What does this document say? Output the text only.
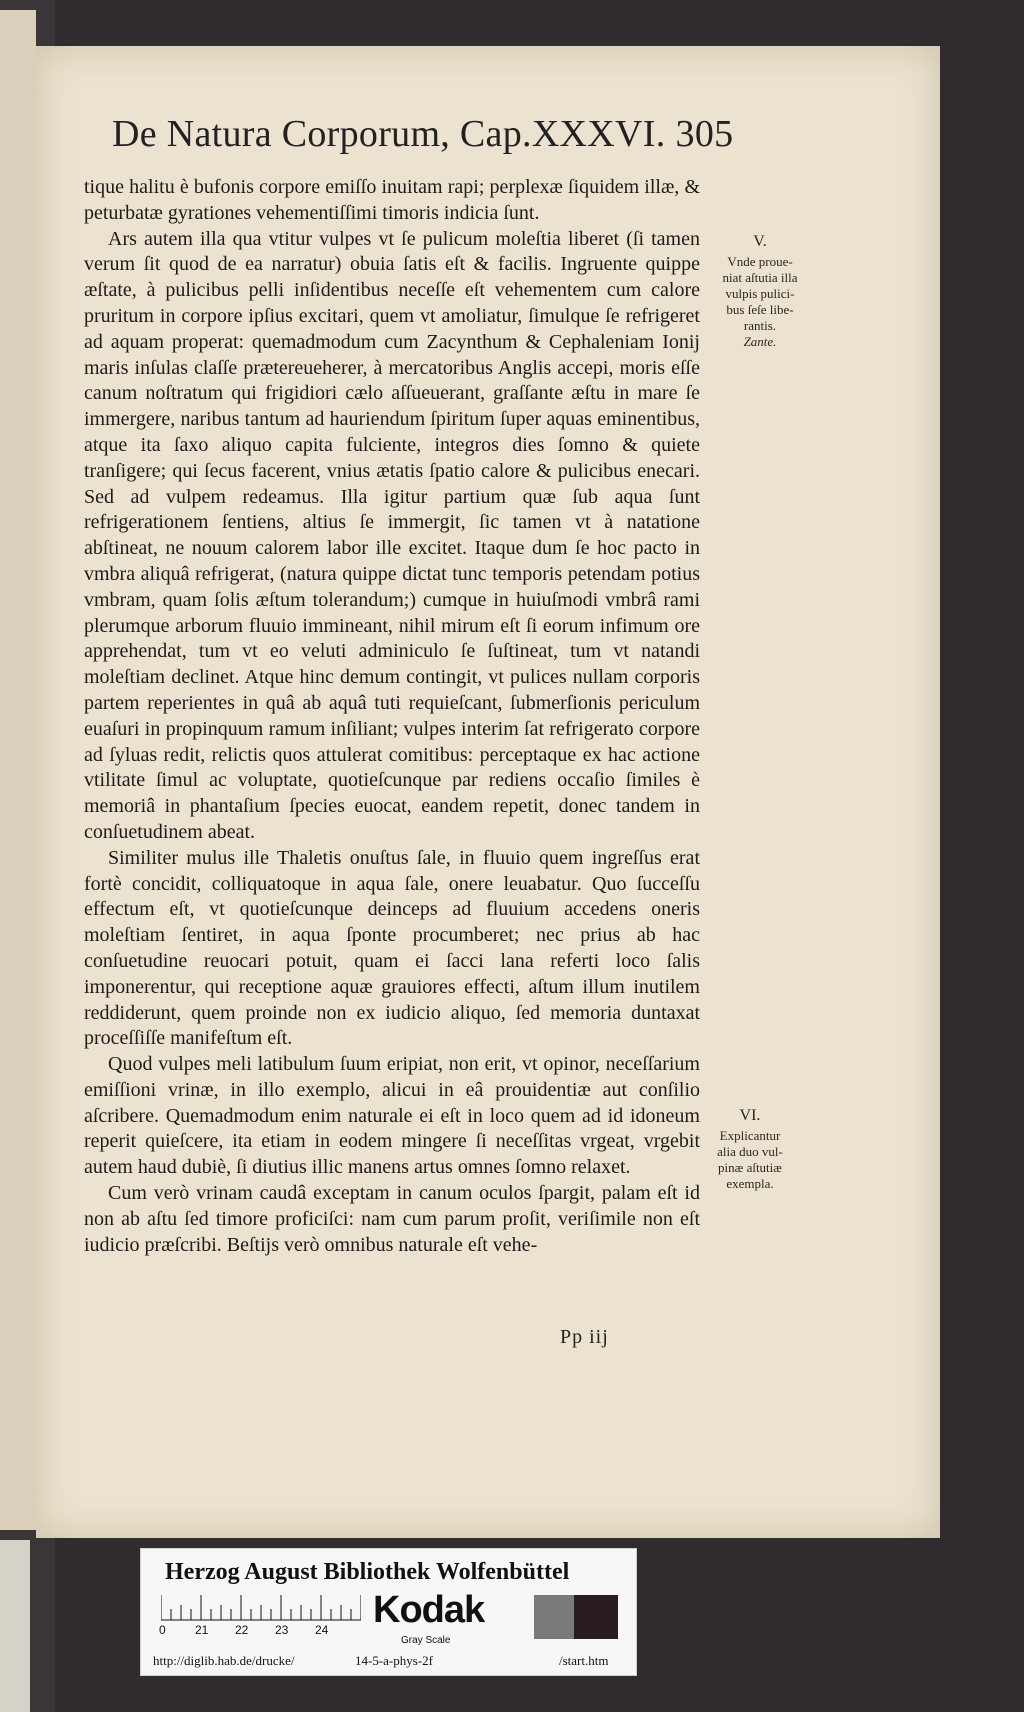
De Natura Corporum, Cap.XXXVI. 305

tique halitu è bufonis corpore emiſſo inuitam rapi; perplexæ ſiquidem illæ, & peturbatæ gyrationes vehementiſſimi timoris indicia ſunt.

Ars autem illa qua vtitur vulpes vt ſe pulicum moleſtia liberet (ſi tamen verum ſit quod de ea narratur) obuia ſatis eſt & facilis. Ingruente quippe æſtate, à pulicibus pelli inſidentibus neceſſe eſt vehementem cum calore pruritum in corpore ipſius excitari, quem vt amoliatur, ſimulque ſe refrigeret ad aquam properat: quemadmodum cum Zacynthum & Cephaleniam Ionij maris inſulas claſſe prætereueherer, à mercatoribus Anglis accepi, moris eſſe canum noſtratum qui frigidiori cælo aſſueuerant, graſſante æſtu in mare ſe immergere, naribus tantum ad hauriendum ſpiritum ſuper aquas eminentibus, atque ita ſaxo aliquo capita fulciente, integros dies ſomno & quiete tranſigere; qui ſecus facerent, vnius ætatis ſpatio calore & pulicibus enecari. Sed ad vulpem redeamus. Illa igitur partium quæ ſub aqua ſunt refrigerationem ſentiens, altius ſe immergit, ſic tamen vt à natatione abſtineat, ne nouum calorem labor ille excitet. Itaque dum ſe hoc pacto in vmbra aliquâ refrigerat, (natura quippe dictat tunc temporis petendam potius vmbram, quam ſolis æſtum tolerandum;) cumque in huiuſmodi vmbrâ rami plerumque arborum fluuio immineant, nihil mirum eſt ſi eorum infimum ore apprehendat, tum vt eo veluti adminiculo ſe ſuſtineat, tum vt natandi moleſtiam declinet. Atque hinc demum contingit, vt pulices nullam corporis partem reperientes in quâ ab aquâ tuti requieſcant, ſubmerſionis periculum euaſuri in propinquum ramum inſiliant; vulpes interim ſat refrigerato corpore ad ſyluas redit, relictis quos attulerat comitibus: perceptaque ex hac actione vtilitate ſimul ac voluptate, quotieſcunque par rediens occaſio ſimiles è memoriâ in phantaſium ſpecies euocat, eandem repetit, donec tandem in conſuetudinem abeat.

Similiter mulus ille Thaletis onuſtus ſale, in fluuio quem ingreſſus erat fortè concidit, colliquatoque in aqua ſale, onere leuabatur. Quo ſucceſſu effectum eſt, vt quotieſcunque deinceps ad fluuium accedens oneris moleſtiam ſentiret, in aqua ſponte procumberet; nec prius ab hac conſuetudine reuocari potuit, quam ei ſacci lana referti loco ſalis imponerentur, qui receptione aquæ grauiores effecti, aſtum illum inutilem reddiderunt, quem proinde non ex iudicio aliquo, ſed memoria duntaxat proceſſiſſe manifeſtum eſt.

Quod vulpes meli latibulum ſuum eripiat, non erit, vt opinor, neceſſarium emiſſioni vrinæ, in illo exemplo, alicui in eâ prouidentiæ aut conſilio aſcribere. Quemadmodum enim naturale ei eſt in loco quem ad id idoneum reperit quieſcere, ita etiam in eodem mingere ſi neceſſitas vrgeat, vrgebit autem haud dubiè, ſi diutius illic manens artus omnes ſomno relaxet.

Cum verò vrinam caudâ exceptam in canum oculos ſpargit, palam eſt id non ab aſtu ſed timore proficiſci: nam cum parum proſit, veriſimile non eſt iudicio præſcribi. Beſtijs verò omnibus naturale eſt vehe-

V.
Vnde proue-
niat aſtutia illa
vulpis pulici-
bus ſeſe libe-
rantis.
Zante.
VI.
Explicantur
alia duo vul-
pinæ aſtutiæ
exempla.
Pp iij
Herzog August Bibliothek Wolfenbüttel
0 21 22 23 24 Kodak
Gray Scale
http://diglib.hab.de/drucke/	14-5-a-phys-2f	/start.htm
